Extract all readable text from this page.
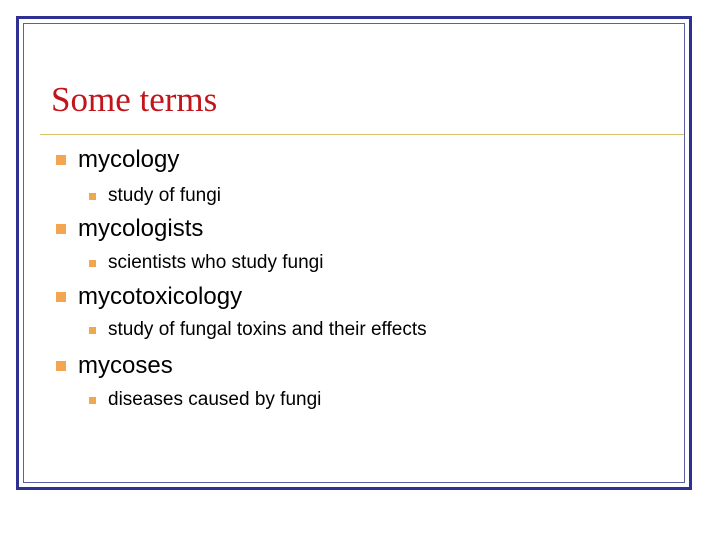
Some terms
mycology
study of fungi
mycologists
scientists who study fungi
mycotoxicology
study of fungal toxins and their effects
mycoses
diseases caused by fungi
